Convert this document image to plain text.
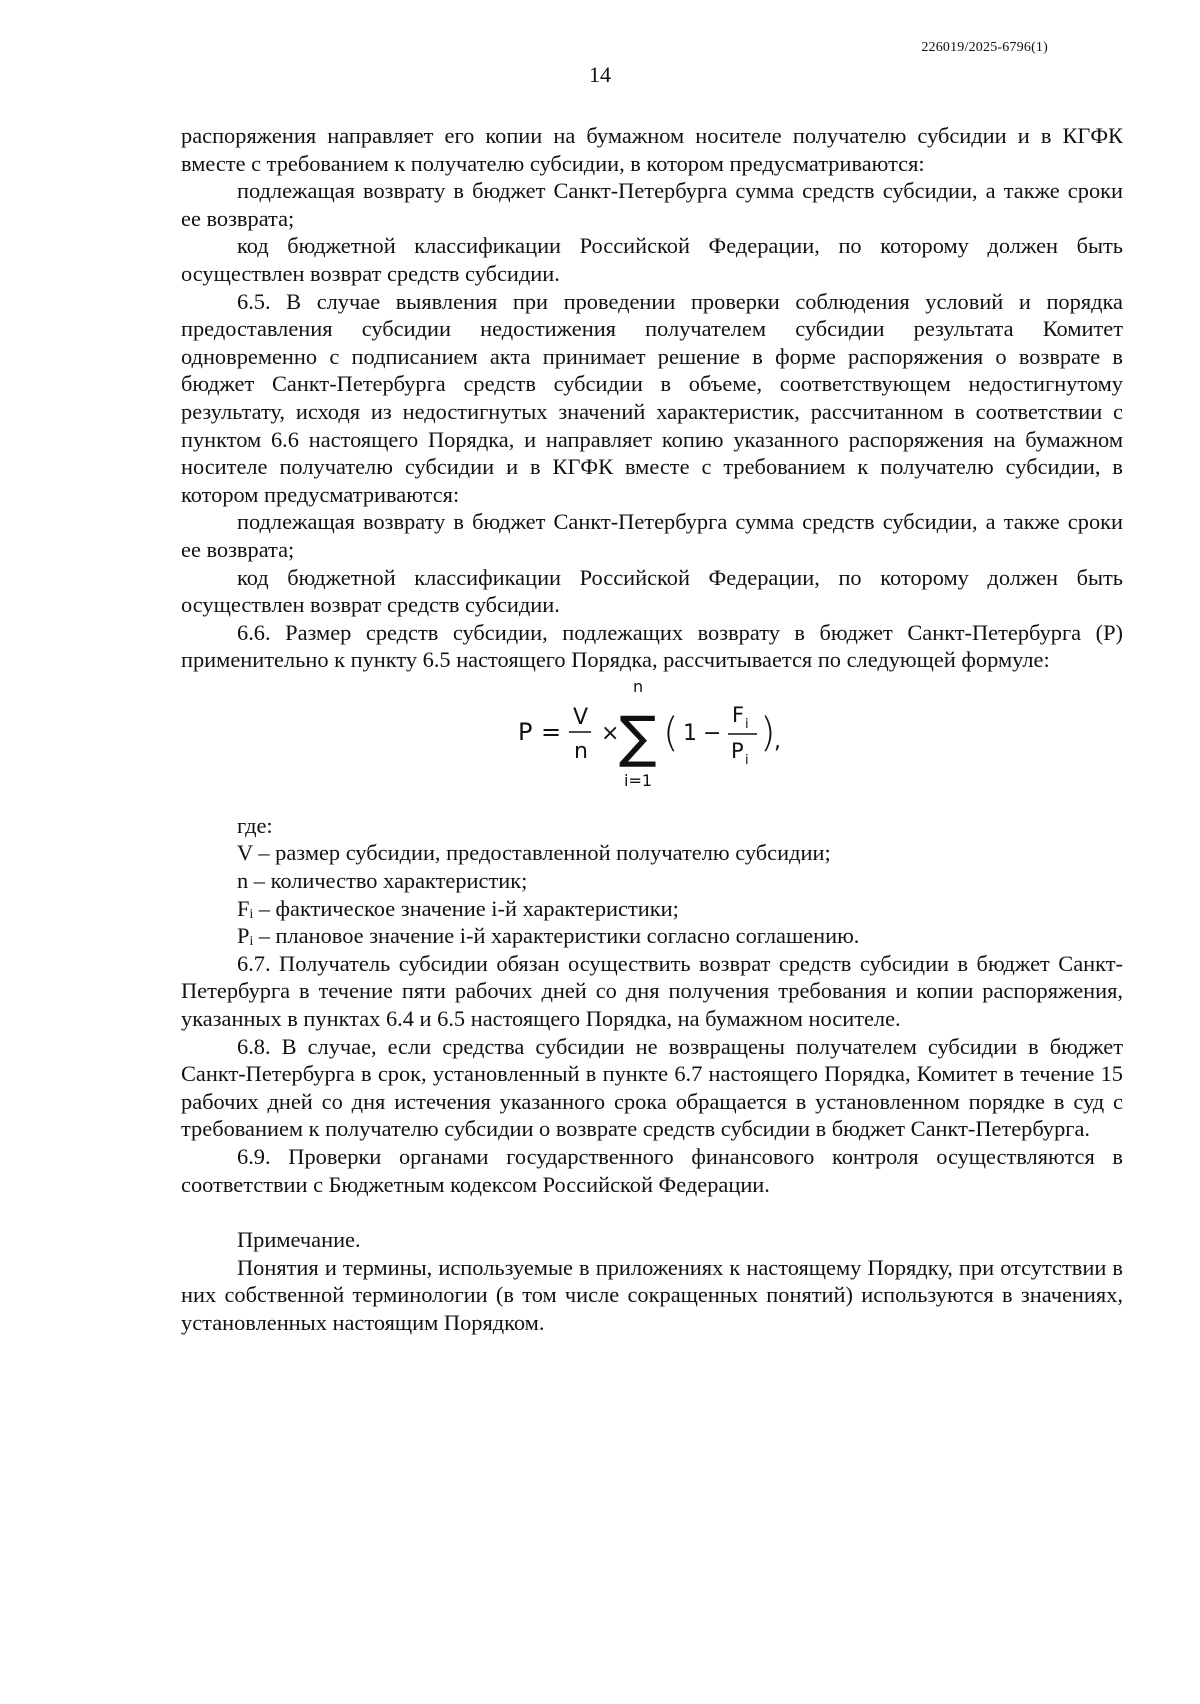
226019/2025-6796(1)
14

распоряжения направляет его копии на бумажном носителе получателю субсидии и в КГФК вместе с требованием к получателю субсидии, в котором предусматриваются:

подлежащая возврату в бюджет Санкт-Петербурга сумма средств субсидии, а также сроки ее возврата;

код бюджетной классификации Российской Федерации, по которому должен быть осуществлен возврат средств субсидии.

6.5. В случае выявления при проведении проверки соблюдения условий и порядка предоставления субсидии недостижения получателем субсидии результата Комитет одновременно с подписанием акта принимает решение в форме распоряжения о возврате в бюджет Санкт-Петербурга средств субсидии в объеме, соответствующем недостигнутому результату, исходя из недостигнутых значений характеристик, рассчитанном в соответствии с пунктом 6.6 настоящего Порядка, и направляет копию указанного распоряжения на бумажном носителе получателю субсидии и в КГФК вместе с требованием к получателю субсидии, в котором предусматриваются:

подлежащая возврату в бюджет Санкт-Петербурга сумма средств субсидии, а также сроки ее возврата;

код бюджетной классификации Российской Федерации, по которому должен быть осуществлен возврат средств субсидии.

6.6. Размер средств субсидии, подлежащих возврату в бюджет Санкт-Петербурга (P) применительно к пункту 6.5 настоящего Порядка, рассчитывается по следующей формуле:

P =
V
n
×
n
∑
i=1
( 1 −
F i
P i
)
,

где:

V – размер субсидии, предоставленной получателю субсидии;

n – количество характеристик;

Fᵢ – фактическое значение i-й характеристики;

Pᵢ – плановое значение i-й характеристики согласно соглашению.

6.7. Получатель субсидии обязан осуществить возврат средств субсидии в бюджет Санкт-Петербурга в течение пяти рабочих дней со дня получения требования и копии распоряжения, указанных в пунктах 6.4 и 6.5 настоящего Порядка, на бумажном носителе.

6.8. В случае, если средства субсидии не возвращены получателем субсидии в бюджет Санкт-Петербурга в срок, установленный в пункте 6.7 настоящего Порядка, Комитет в течение 15 рабочих дней со дня истечения указанного срока обращается в установленном порядке в суд с требованием к получателю субсидии о возврате средств субсидии в бюджет Санкт-Петербурга.

6.9. Проверки органами государственного финансового контроля осуществляются в соответствии с Бюджетным кодексом Российской Федерации.

Примечание.

Понятия и термины, используемые в приложениях к настоящему Порядку, при отсутствии в них собственной терминологии (в том числе сокращенных понятий) используются в значениях, установленных настоящим Порядком.
